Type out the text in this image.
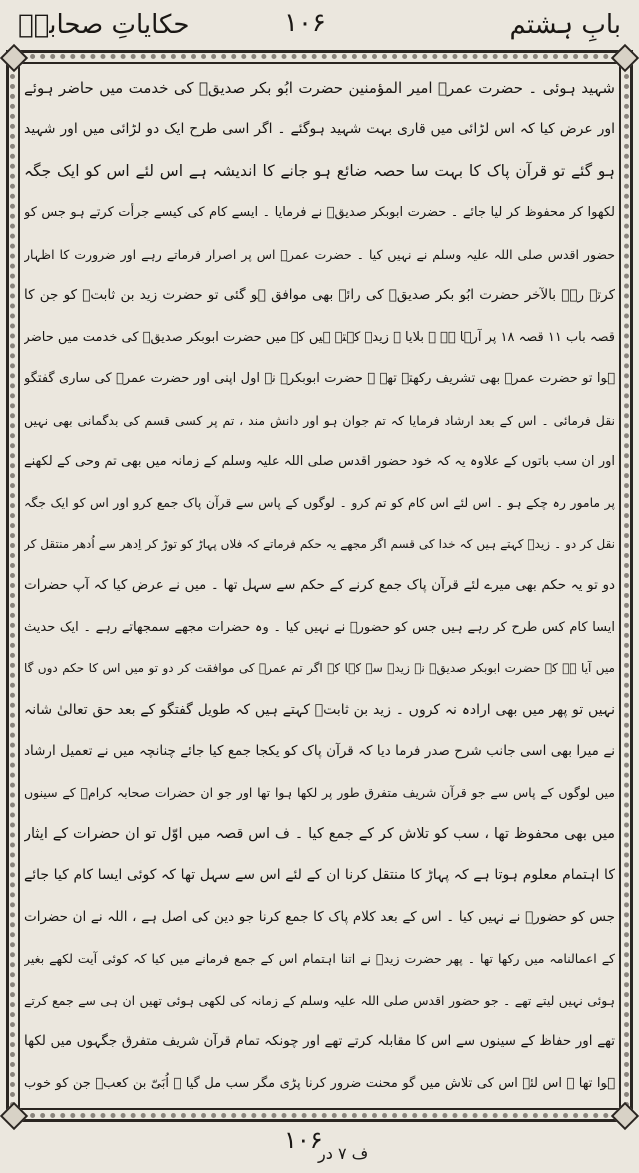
بابِ ہشتم
۱۰۶
حکایاتِ صحابہؓ
شہید ہوئی ۔ حضرت عمرؓ امیر المؤمنین حضرت ابُو بکر صدیقؓ کی خدمت میں حاضر ہوئے
اور عرض کیا کہ اس لڑائی میں قاری بہت شہید ہوگئے ۔ اگر اسی طرح ایک دو لڑائی میں اور شہید
ہو گئے تو قرآن پاک کا بہت سا حصہ ضائع ہو جانے کا اندیشہ ہے اس لئے اس کو ایک جگہ
لکھوا کر محفوظ کر لیا جائے ۔ حضرت ابوبکر صدیقؓ نے فرمایا ۔ ایسے کام کی کیسے جرأت کرتے ہو جس کو
حضور اقدس صلی اللہ علیہ وسلم نے نہیں کیا ۔ حضرت عمرؓ اس پر اصرار فرماتے رہے اور ضرورت کا اظہار
کرتے رہے بالآخر حضرت ابُو بکر صدیقؓ کی رائے بھی موافق ہو گئی تو حضرت زید بن ثابتؓ کو جن کا
قصہ باب ۱۱ قصہ ۱۸ پر آرہا ہے ۔ بلایا ۔ زیدؓ کہتے ہیں کہ میں حضرت ابوبکر صدیقؓ کی خدمت میں حاضر
ہوا تو حضرت عمرؓ بھی تشریف رکھتے تھے ۔ حضرت ابوبکرؓ نے اول اپنی اور حضرت عمرؓ کی ساری گفتگو
نقل فرمائی ۔ اس کے بعد ارشاد فرمایا کہ تم جوان ہو اور دانش مند ، تم پر کسی قسم کی بدگمانی بھی نہیں
اور ان سب باتوں کے علاوہ یہ کہ خود حضور اقدس صلی اللہ علیہ وسلم کے زمانہ میں بھی تم وحی کے لکھنے
پر مامور رہ چکے ہو ۔ اس لئے اس کام کو تم کرو ۔ لوگوں کے پاس سے قرآن پاک جمع کرو اور اس کو ایک جگہ
نقل کر دو ۔ زیدؓ کہتے ہیں کہ خدا کی قسم اگر مجھے یہ حکم فرماتے کہ فلاں پہاڑ کو توڑ کر اِدھر سے اُدھر منتقل کر
دو تو یہ حکم بھی میرے لئے قرآن پاک جمع کرنے کے حکم سے سہل تھا ۔ میں نے عرض کیا کہ آپ حضرات
ایسا کام کس طرح کر رہے ہیں جس کو حضورؐ نے نہیں کیا ۔ وہ حضرات مجھے سمجھاتے رہے ۔ ایک حدیث
میں آیا ہے کہ حضرت ابوبکر صدیقؓ نے زیدؓ سے کہا کہ اگر تم عمرؓ کی موافقت کر دو تو میں اس کا حکم دوں گا
نہیں تو پھر میں بھی ارادہ نہ کروں ۔ زید بن ثابتؓ کہتے ہیں کہ طویل گفتگو کے بعد حق تعالیٰ شانہ
نے میرا بھی اسی جانب شرح صدر فرما دیا کہ قرآن پاک کو یکجا جمع کیا جائے چنانچہ میں نے تعمیل ارشاد
میں لوگوں کے پاس سے جو قرآن شریف متفرق طور پر لکھا ہوا تھا اور جو ان حضرات صحابہ کرامؓ کے سینوں
میں بھی محفوظ تھا ، سب کو تلاش کر کے جمع کیا ۔ ف اس قصہ میں اوّل تو ان حضرات کے ایثار
کا اہتمام معلوم ہوتا ہے کہ پہاڑ کا منتقل کرنا ان کے لئے اس سے سہل تھا کہ کوئی ایسا کام کیا جائے
جس کو حضورؐ نے نہیں کیا ۔ اس کے بعد کلام پاک کا جمع کرنا جو دین کی اصل ہے ، اللہ نے ان حضرات
کے اعمالنامہ میں رکھا تھا ۔ پھر حضرت زیدؓ نے اتنا اہتمام اس کے جمع فرمانے میں کیا کہ کوئی آیت لکھے بغیر
ہوئی نہیں لیتے تھے ۔ جو حضور اقدس صلی اللہ علیہ وسلم کے زمانہ کی لکھی ہوئی تھیں ان ہی سے جمع کرتے
تھے اور حفاظ کے سینوں سے اس کا مقابلہ کرتے تھے اور چونکہ تمام قرآن شریف متفرق جگہوں میں لکھا
ہوا تھا ۔ اس لئے اس کی تلاش میں گو محنت ضرور کرنا پڑی مگر سب مل گیا ۔ اُبَیّ بن کعبؓ جن کو خوب
۱۰۶
ف ۷ در
